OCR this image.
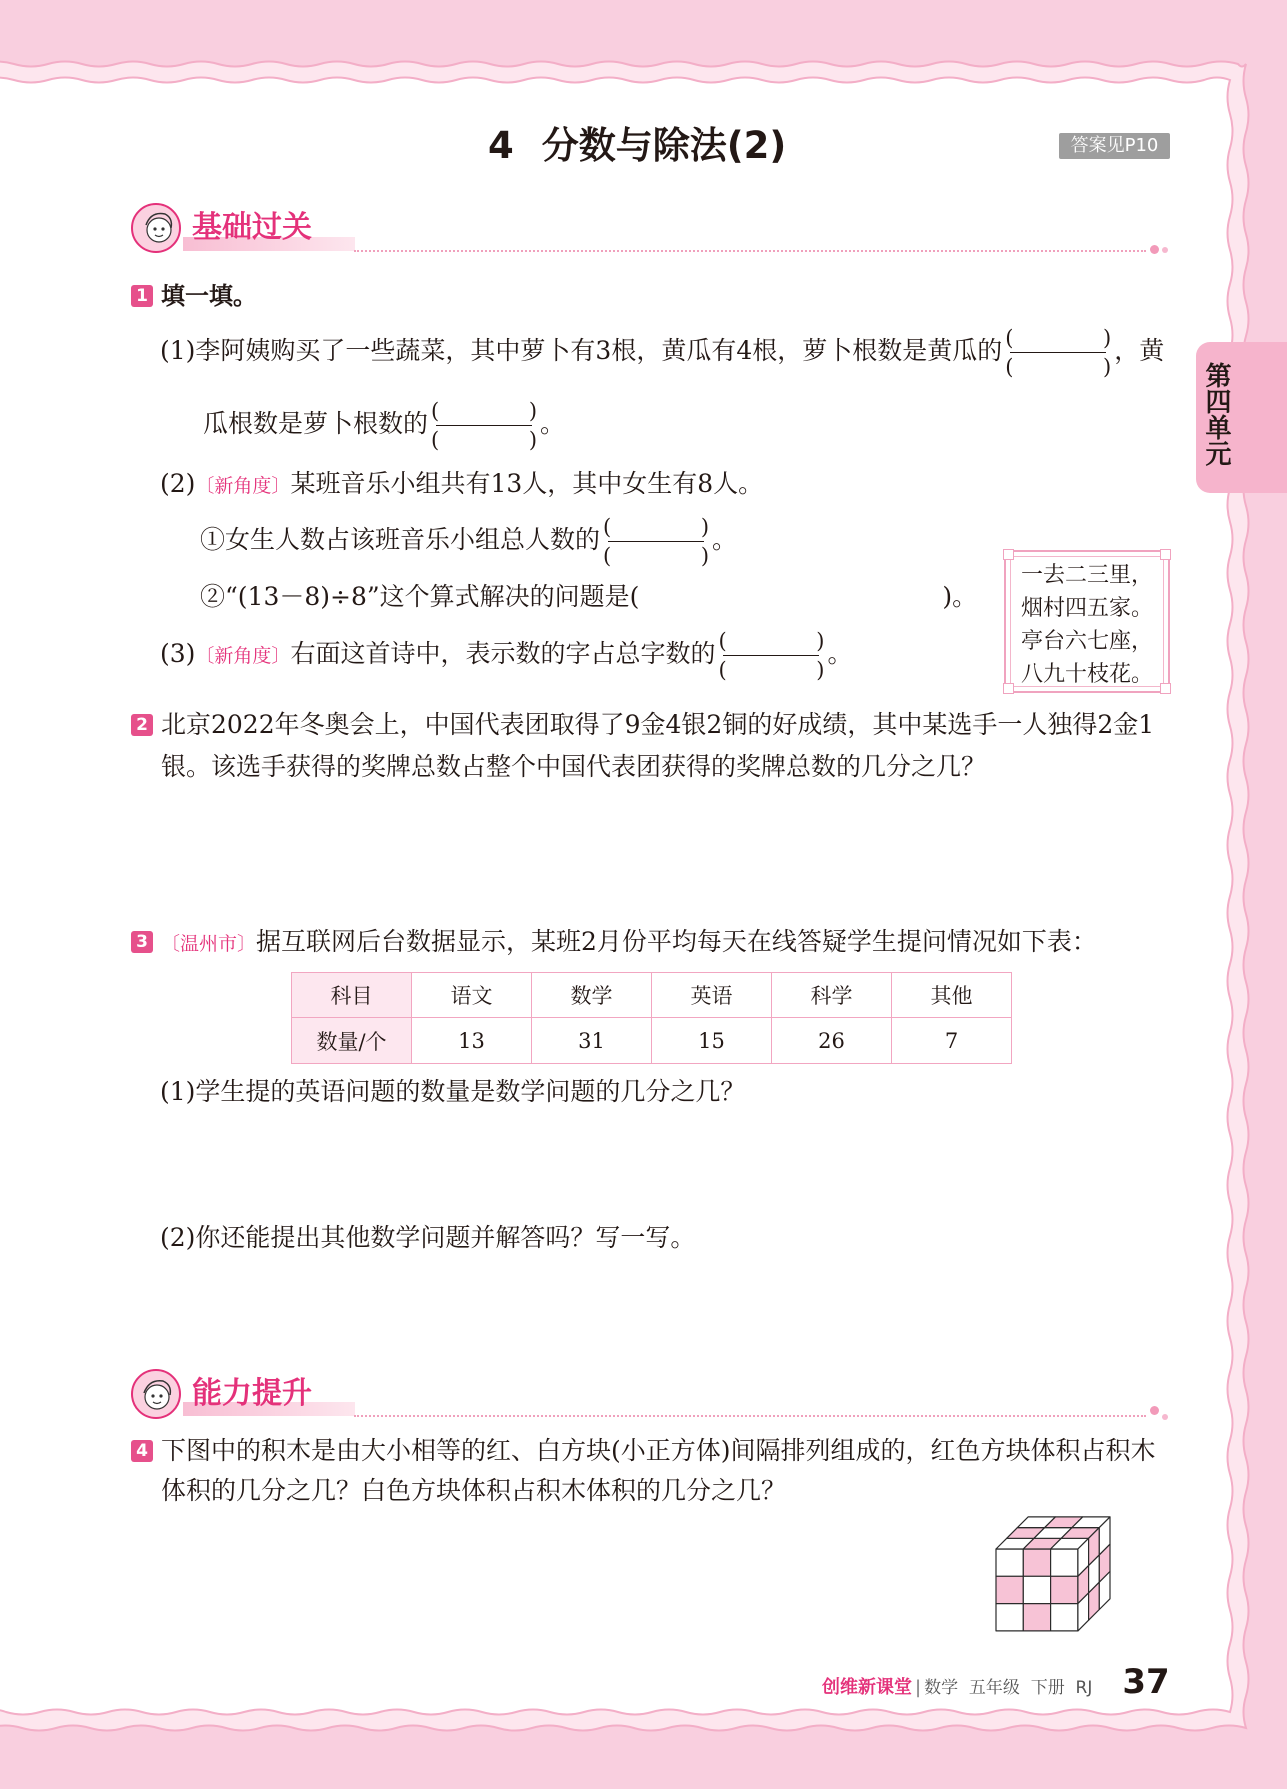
4 分数与除法(2)	答案见P10
第四单元
基础过关
1 填一填。
(1)李阿姨购买了一些蔬菜，其中萝卜有3根，黄瓜有4根，萝卜根数是黄瓜的 (	)
(	) ，黄
瓜根数是萝卜根数的 (	)
(	) 。
(2)〔新角度〕某班音乐小组共有13人，其中女生有8人。
①女生人数占该班音乐小组总人数的 (	)
(	) 。
②“(13－8)÷8”这个算式解决的问题是(	)。
(3)〔新角度〕右面这首诗中，表示数的字占总字数的 (	)
(	) 。
一去二三里，
烟村四五家。
亭台六七座，
八九十枝花。
2 北京2022年冬奥会上，中国代表团取得了9金4银2铜的好成绩，其中某选手一人独得2金1
银。该选手获得的奖牌总数占整个中国代表团获得的奖牌总数的几分之几？
3 〔温州市〕据互联网后台数据显示，某班2月份平均每天在线答疑学生提问情况如下表：
科目	语文	数学	英语	科学	其他
数量/个	13	31	15	26	7
(1)学生提的英语问题的数量是数学问题的几分之几？
(2)你还能提出其他数学问题并解答吗？写一写。
能力提升
4 下图中的积木是由大小相等的红、白方块(小正方体)间隔排列组成的，红色方块体积占积木
体积的几分之几？白色方块体积占积木体积的几分之几？
创维新课堂 | 数学  五年级  下册  RJ 37
